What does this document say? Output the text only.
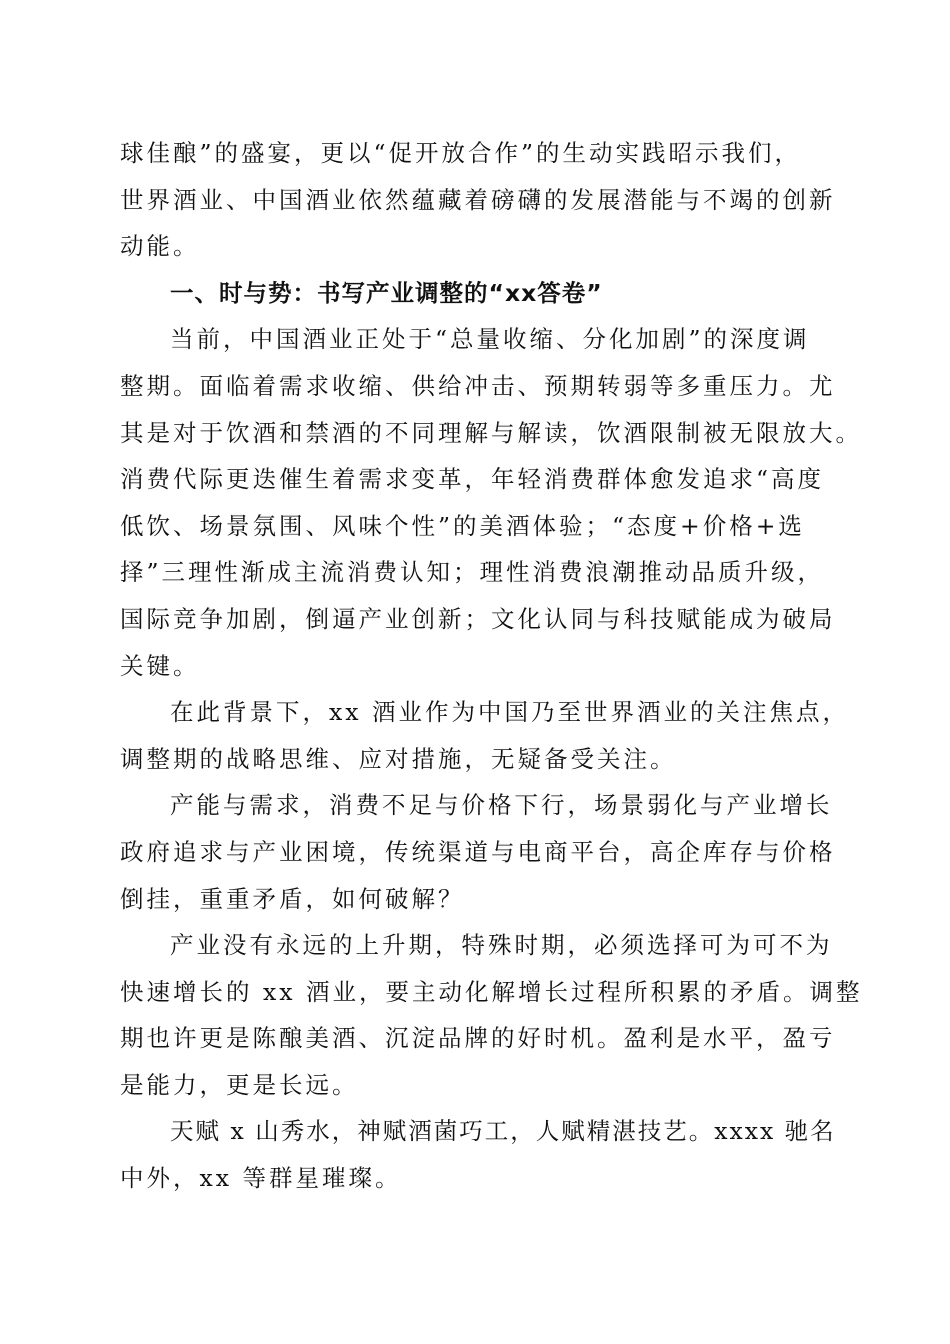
球佳酿”的盛宴，更以“促开放合作”的生动实践昭示我们，
世界酒业、中国酒业依然蕴藏着磅礴的发展潜能与不竭的创新
动能。
一、时与势：书写产业调整的“xx答卷”
当前，中国酒业正处于“总量收缩、分化加剧”的深度调
整期。面临着需求收缩、供给冲击、预期转弱等多重压力。尤
其是对于饮酒和禁酒的不同理解与解读，饮酒限制被无限放大。
消费代际更迭催生着需求变革，年轻消费群体愈发追求“高度
低饮、场景氛围、风味个性”的美酒体验；“态度+价格+选
择”三理性渐成主流消费认知；理性消费浪潮推动品质升级，
国际竞争加剧，倒逼产业创新；文化认同与科技赋能成为破局
关键。
在此背景下，xx 酒业作为中国乃至世界酒业的关注焦点，
调整期的战略思维、应对措施，无疑备受关注。
产能与需求，消费不足与价格下行，场景弱化与产业增长
政府追求与产业困境，传统渠道与电商平台，高企库存与价格
倒挂，重重矛盾，如何破解？
产业没有永远的上升期，特殊时期，必须选择可为可不为
快速增长的 xx 酒业，要主动化解增长过程所积累的矛盾。调整
期也许更是陈酿美酒、沉淀品牌的好时机。盈利是水平，盈亏
是能力，更是长远。
天赋 x 山秀水，神赋酒菌巧工，人赋精湛技艺。xxxx 驰名
中外，xx 等群星璀璨。
